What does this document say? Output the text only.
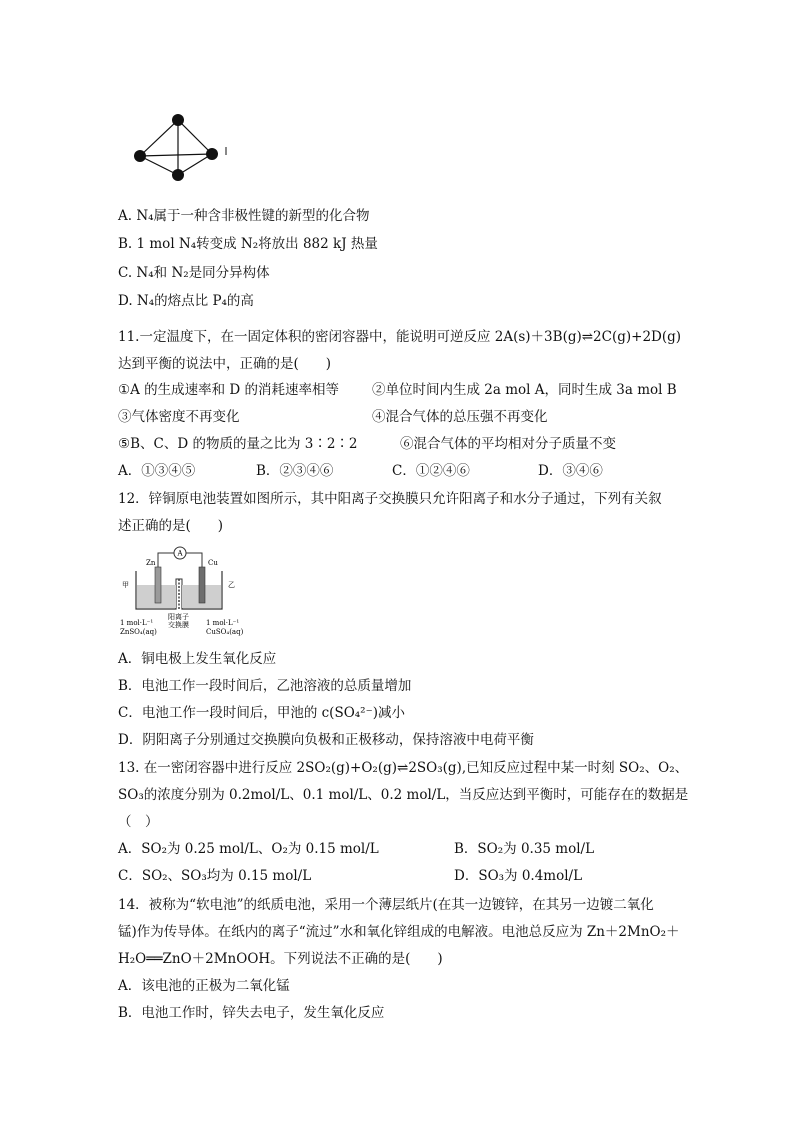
A. N₄属于一种含非极性键的新型的化合物
B. 1 mol N₄转变成 N₂将放出 882 kJ 热量
C. N₄和 N₂是同分异构体
D. N₄的熔点比 P₄的高
11.一定温度下，在一固定体积的密闭容器中，能说明可逆反应 2A(s)＋3B(g)⇌2C(g)+2D(g)
达到平衡的说法中，正确的是(　　)
①A 的生成速率和 D 的消耗速率相等 ②单位时间内生成 2a mol A，同时生成 3a mol B
③气体密度不再变化	④混合气体的总压强不再变化
⑤B、C、D 的物质的量之比为 3∶2∶2	⑥混合气体的平均相对分子质量不变
A．①③④⑤	B．②③④⑥	C．①②④⑥	D．③④⑥
12．锌铜原电池装置如图所示，其中阳离子交换膜只允许阳离子和水分子通过，下列有关叙
述正确的是(　　)
A
Zn	Cu
甲	乙
阳离子
交换膜
1 mol·L⁻¹
ZnSO₄(aq)
1 mol·L⁻¹
CuSO₄(aq)
A．铜电极上发生氧化反应
B．电池工作一段时间后，乙池溶液的总质量增加
C．电池工作一段时间后，甲池的 c(SO₄²⁻)减小
D．阴阳离子分别通过交换膜向负极和正极移动，保持溶液中电荷平衡
13. 在一密闭容器中进行反应 2SO₂(g)+O₂(g)⇌2SO₃(g),已知反应过程中某一时刻 SO₂、O₂、
SO₃的浓度分别为 0.2mol/L、0.1 mol/L、0.2 mol/L，当反应达到平衡时，可能存在的数据是
（　）
A．SO₂为 0.25 mol/L、O₂为 0.15 mol/L	B．SO₂为 0.35 mol/L
C．SO₂、SO₃均为 0.15 mol/L	D．SO₃为 0.4mol/L
14．被称为“软电池”的纸质电池，采用一个薄层纸片(在其一边镀锌，在其另一边镀二氧化
锰)作为传导体。在纸内的离子“流过”水和氧化锌组成的电解液。电池总反应为 Zn＋2MnO₂＋
H₂O══ZnO＋2MnOOH。下列说法不正确的是(　　)
A．该电池的正极为二氧化锰
B．电池工作时，锌失去电子，发生氧化反应
